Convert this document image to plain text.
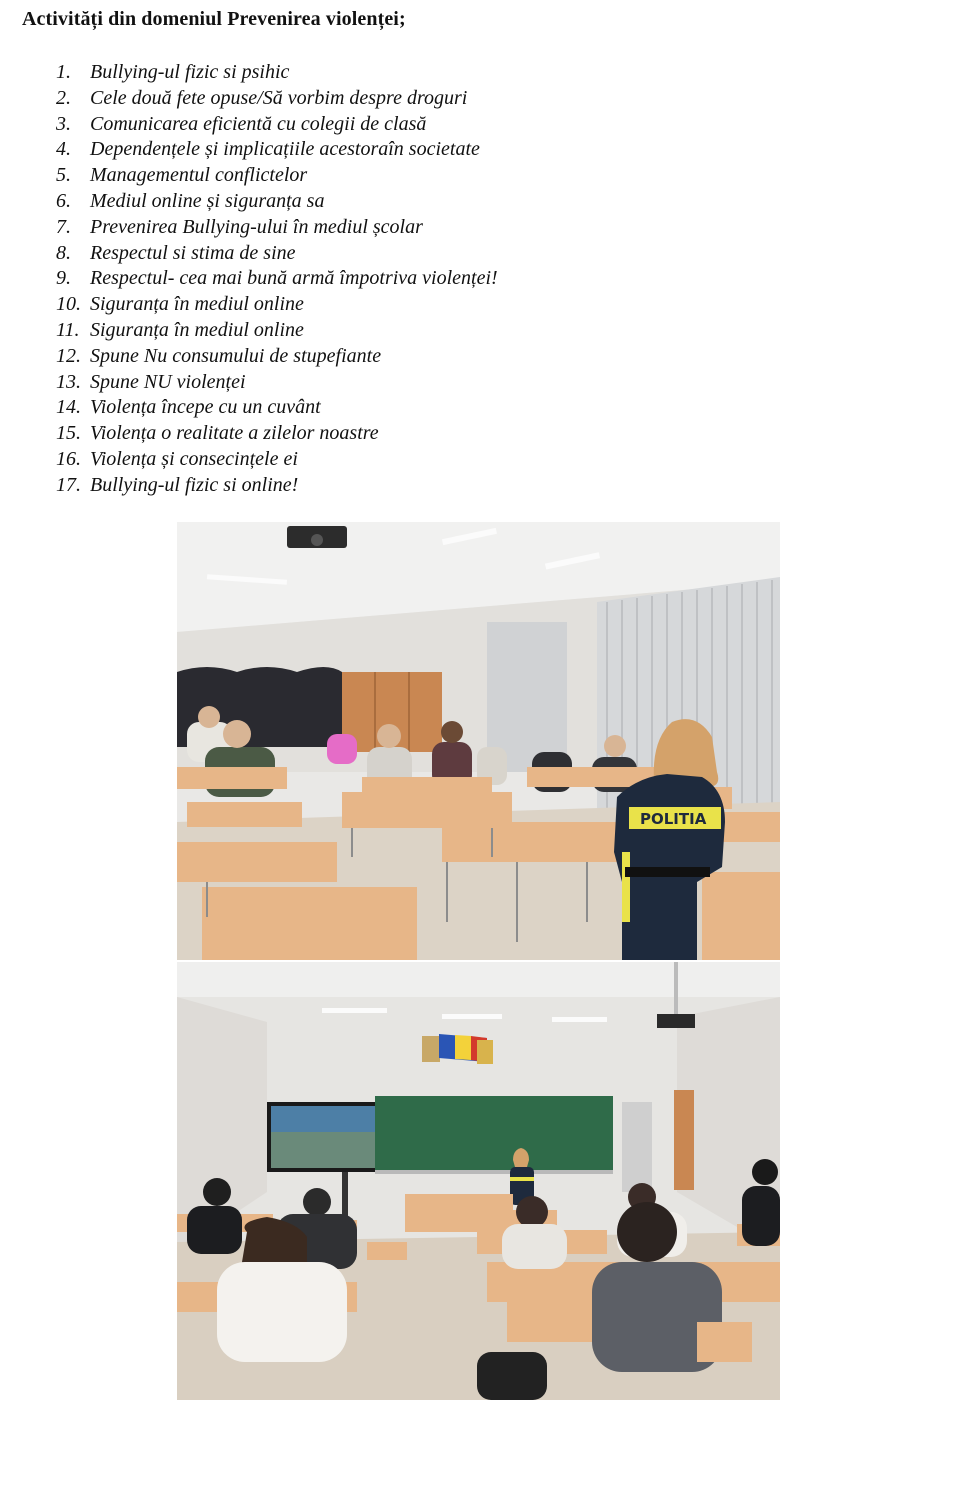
Activități din domeniul Prevenirea violenței;
1. Bullying-ul fizic si psihic
2. Cele două fete opuse/Să vorbim despre droguri
3. Comunicarea eficientă cu colegii de clasă
4. Dependențele și implicațiile acestoraîn societate
5. Managementul conflictelor
6. Mediul online și siguranța sa
7. Prevenirea Bullying-ului în mediul școlar
8. Respectul si stima de sine
9. Respectul- cea mai bună armă împotriva violenței!
10. Siguranța în mediul online
11. Siguranța în mediul online
12. Spune Nu consumului de stupefiante
13. Spune NU violenței
14. Violența începe cu un cuvânt
15. Violența o realitate a zilelor noastre
16. Violența și consecințele ei
17. Bullying-ul fizic si online!
POLITIA
